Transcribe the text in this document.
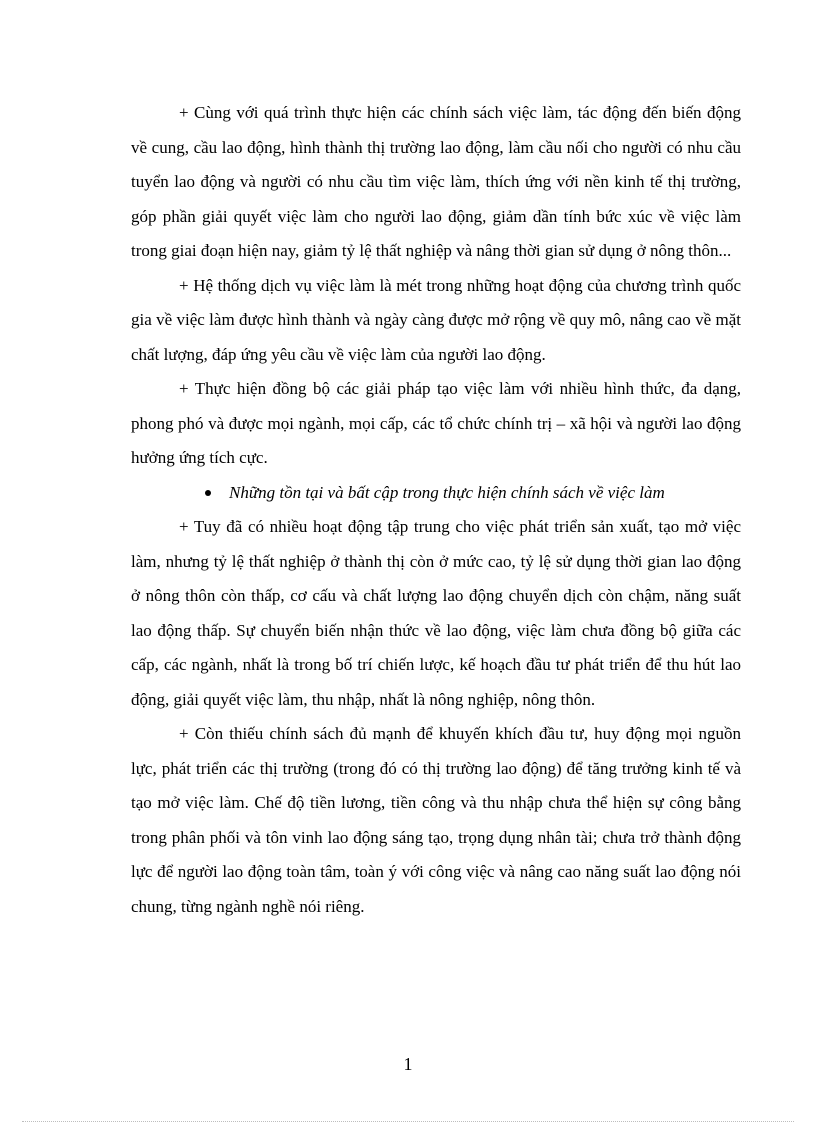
+ Cùng với quá trình thực hiện các chính sách việc làm, tác động đến biến động về cung, cầu lao động, hình thành thị trường lao động, làm cầu nối cho người có nhu cầu tuyển lao động và người có nhu cầu tìm việc làm, thích ứng với nền kinh tế thị trường, góp phần giải quyết việc làm cho người lao động, giảm dần tính bức xúc về việc làm trong giai đoạn hiện nay, giảm tỷ lệ thất nghiệp và nâng thời gian sử dụng ở nông thôn...

+ Hệ thống dịch vụ việc làm là mét trong những hoạt động của chương trình quốc gia về việc làm được hình thành và ngày càng được mở rộng về quy mô, nâng cao về mặt chất lượng, đáp ứng yêu cầu về việc làm của người lao động.

+ Thực hiện đồng bộ các giải pháp tạo việc làm với nhiều hình thức, đa dạng, phong phó và được mọi ngành, mọi cấp, các tổ chức chính trị – xã hội và người lao động hưởng ứng tích cực.

Những tồn tại và bất cập trong thực hiện chính sách về việc làm

+ Tuy đã có nhiều hoạt động tập trung cho việc phát triển sản xuất, tạo mở việc làm, nhưng tỷ lệ thất nghiệp ở thành thị còn ở mức cao, tỷ lệ sử dụng thời gian lao động ở nông thôn còn thấp, cơ cấu và chất lượng lao động chuyển dịch còn chậm, năng suất lao động thấp. Sự chuyển biến nhận thức về lao động, việc làm chưa đồng bộ giữa các cấp, các ngành, nhất là trong bố trí chiến lược, kế hoạch đầu tư phát triển để thu hút lao động, giải quyết việc làm, thu nhập, nhất là nông nghiệp, nông thôn.

+ Còn thiếu chính sách đủ mạnh để khuyến khích đầu tư, huy động mọi nguồn lực, phát triển các thị trường (trong đó có thị trường lao động) để tăng trưởng kinh tế và tạo mở việc làm. Chế độ tiền lương, tiền công và thu nhập chưa thể hiện sự công bằng trong phân phối và tôn vinh lao động sáng tạo, trọng dụng nhân tài; chưa trở thành động lực để người lao động toàn tâm, toàn ý với công việc và nâng cao năng suất lao động nói chung, từng ngành nghề nói riêng.

1
